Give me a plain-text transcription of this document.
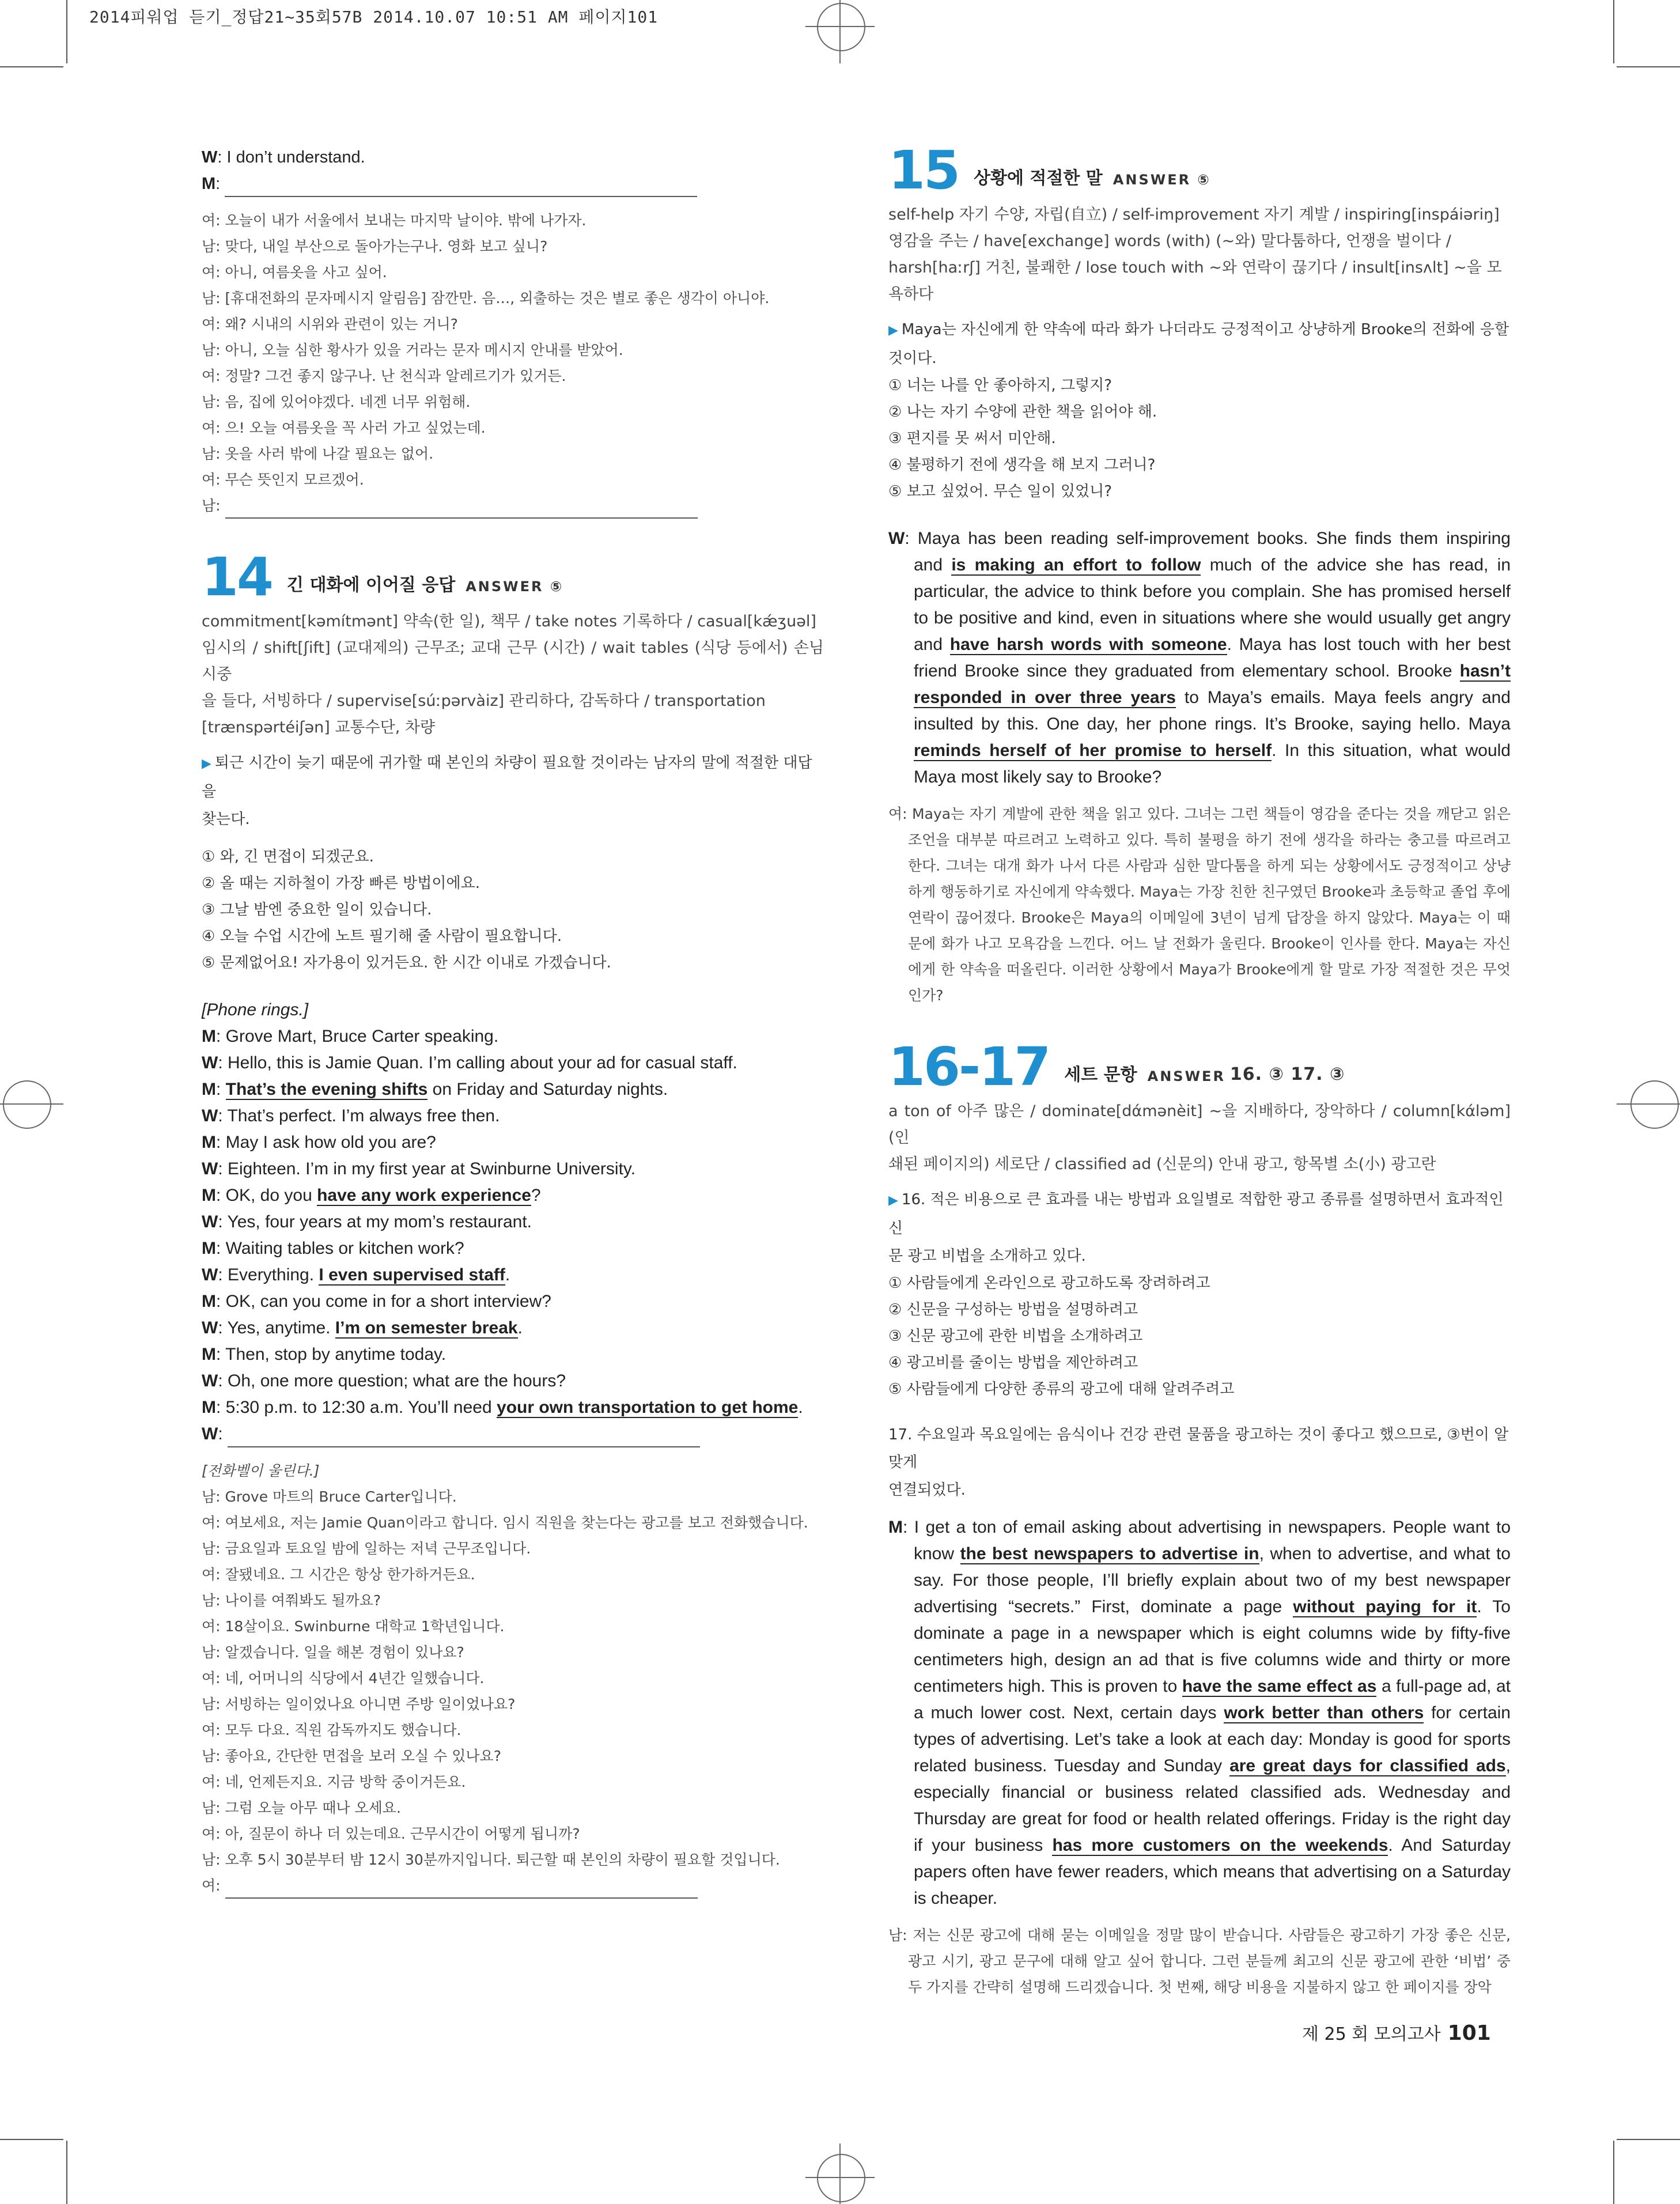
2014피워업 듣기_정답21~35회57B 2014.10.07 10:51 AM 페이지101
W: I don’t understand.
M:
여: 오늘이 내가 서울에서 보내는 마지막 날이야. 밖에 나가자.
남: 맞다, 내일 부산으로 돌아가는구나. 영화 보고 싶니?
여: 아니, 여름옷을 사고 싶어.
남: [휴대전화의 문자메시지 알림음] 잠깐만. 음…, 외출하는 것은 별로 좋은 생각이 아니야.
여: 왜? 시내의 시위와 관련이 있는 거니?
남: 아니, 오늘 심한 황사가 있을 거라는 문자 메시지 안내를 받았어.
여: 정말? 그건 좋지 않구나. 난 천식과 알레르기가 있거든.
남: 음, 집에 있어야겠다. 네겐 너무 위험해.
여: 으! 오늘 여름옷을 꼭 사러 가고 싶었는데.
남: 옷을 사러 밖에 나갈 필요는 없어.
여: 무슨 뜻인지 모르겠어.
남:
14 긴 대화에 이어질 응답 ANSWER ⑤
commitment[kəmítmənt] 약속(한 일), 책무 / take notes 기록하다 / casual[kǽʒuəl]
임시의 / shift[ʃift] (교대제의) 근무조; 교대 근무 (시간) / wait tables (식당 등에서) 손님 시중
을 들다, 서빙하다 / supervise[súːpərvàiz] 관리하다, 감독하다 / transportation
[trӕnspərtéiʃən] 교통수단, 차량
▶ 퇴근 시간이 늦기 때문에 귀가할 때 본인의 차량이 필요할 것이라는 남자의 말에 적절한 대답을
찾는다.
① 와, 긴 면접이 되겠군요.
② 올 때는 지하철이 가장 빠른 방법이에요.
③ 그날 밤엔 중요한 일이 있습니다.
④ 오늘 수업 시간에 노트 필기해 줄 사람이 필요합니다.
⑤ 문제없어요! 자가용이 있거든요. 한 시간 이내로 가겠습니다.
[Phone rings.]
M: Grove Mart, Bruce Carter speaking.
W: Hello, this is Jamie Quan. I’m calling about your ad for casual staff.
M: That’s the evening shifts on Friday and Saturday nights.
W: That’s perfect. I’m always free then.
M: May I ask how old you are?
W: Eighteen. I’m in my first year at Swinburne University.
M: OK, do you have any work experience?
W: Yes, four years at my mom’s restaurant.
M: Waiting tables or kitchen work?
W: Everything. I even supervised staff.
M: OK, can you come in for a short interview?
W: Yes, anytime. I’m on semester break.
M: Then, stop by anytime today.
W: Oh, one more question; what are the hours?
M: 5:30 p.m. to 12:30 a.m. You’ll need your own transportation to get home.
W:
[전화벨이 울린다.]
남: Grove 마트의 Bruce Carter입니다.
여: 여보세요, 저는 Jamie Quan이라고 합니다. 임시 직원을 찾는다는 광고를 보고 전화했습니다.
남: 금요일과 토요일 밤에 일하는 저녁 근무조입니다.
여: 잘됐네요. 그 시간은 항상 한가하거든요.
남: 나이를 여쭤봐도 될까요?
여: 18살이요. Swinburne 대학교 1학년입니다.
남: 알겠습니다. 일을 해본 경험이 있나요?
여: 네, 어머니의 식당에서 4년간 일했습니다.
남: 서빙하는 일이었나요 아니면 주방 일이었나요?
여: 모두 다요. 직원 감독까지도 했습니다.
남: 좋아요, 간단한 면접을 보러 오실 수 있나요?
여: 네, 언제든지요. 지금 방학 중이거든요.
남: 그럼 오늘 아무 때나 오세요.
여: 아, 질문이 하나 더 있는데요. 근무시간이 어떻게 됩니까?
남: 오후 5시 30분부터 밤 12시 30분까지입니다. 퇴근할 때 본인의 차량이 필요할 것입니다.
여:
15 상황에 적절한 말 ANSWER ⑤
self-help 자기 수양, 자립(自立) / self-improvement 자기 계발 / inspiring[inspáiəriŋ]
영감을 주는 / have[exchange] words (with) (~와) 말다툼하다, 언쟁을 벌이다 /
harsh[haːrʃ] 거친, 불쾌한 / lose touch with ~와 연락이 끊기다 / insult[insʌlt] ~을 모
욕하다
▶ Maya는 자신에게 한 약속에 따라 화가 나더라도 긍정적이고 상냥하게 Brooke의 전화에 응할
것이다.
① 너는 나를 안 좋아하지, 그렇지?
② 나는 자기 수양에 관한 책을 읽어야 해.
③ 편지를 못 써서 미안해.
④ 불평하기 전에 생각을 해 보지 그러니?
⑤ 보고 싶었어. 무슨 일이 있었니?
W: Maya has been reading self-improvement books. She finds them inspiring and is making an effort to follow much of the advice she has read, in particular, the advice to think before you complain. She has promised herself to be positive and kind, even in situations where she would usually get angry and have harsh words with someone. Maya has lost touch with her best friend Brooke since they graduated from elementary school. Brooke hasn’t responded in over three years to Maya’s emails. Maya feels angry and insulted by this. One day, her phone rings. It’s Brooke, saying hello. Maya reminds herself of her promise to herself. In this situation, what would Maya most likely say to Brooke?
여: Maya는 자기 계발에 관한 책을 읽고 있다. 그녀는 그런 책들이 영감을 준다는 것을 깨닫고 읽은 조언을 대부분 따르려고 노력하고 있다. 특히 불평을 하기 전에 생각을 하라는 충고를 따르려고 한다. 그녀는 대개 화가 나서 다른 사람과 심한 말다툼을 하게 되는 상황에서도 긍정적이고 상냥하게 행동하기로 자신에게 약속했다. Maya는 가장 친한 친구였던 Brooke과 초등학교 졸업 후에 연락이 끊어졌다. Brooke은 Maya의 이메일에 3년이 넘게 답장을 하지 않았다. Maya는 이 때문에 화가 나고 모욕감을 느낀다. 어느 날 전화가 울린다. Brooke이 인사를 한다. Maya는 자신에게 한 약속을 떠올린다. 이러한 상황에서 Maya가 Brooke에게 할 말로 가장 적절한 것은 무엇인가?
16-17 세트 문항 ANSWER 16. ③ 17. ③
a ton of 아주 많은 / dominate[dάmənèit] ~을 지배하다, 장악하다 / column[kάləm] (인
쇄된 페이지의) 세로단 / classified ad (신문의) 안내 광고, 항목별 소(小) 광고란
▶ 16. 적은 비용으로 큰 효과를 내는 방법과 요일별로 적합한 광고 종류를 설명하면서 효과적인 신
문 광고 비법을 소개하고 있다.
① 사람들에게 온라인으로 광고하도록 장려하려고
② 신문을 구성하는 방법을 설명하려고
③ 신문 광고에 관한 비법을 소개하려고
④ 광고비를 줄이는 방법을 제안하려고
⑤ 사람들에게 다양한 종류의 광고에 대해 알려주려고
17. 수요일과 목요일에는 음식이나 건강 관련 물품을 광고하는 것이 좋다고 했으므로, ③번이 알맞게
연결되었다.
M: I get a ton of email asking about advertising in newspapers. People want to know the best newspapers to advertise in, when to advertise, and what to say. For those people, I’ll briefly explain about two of my best newspaper advertising “secrets.” First, dominate a page without paying for it. To dominate a page in a newspaper which is eight columns wide by fifty-five centimeters high, design an ad that is five columns wide and thirty or more centimeters high. This is proven to have the same effect as a full-page ad, at a much lower cost. Next, certain days work better than others for certain types of advertising. Let’s take a look at each day: Monday is good for sports related business. Tuesday and Sunday are great days for classified ads, especially financial or business related classified ads. Wednesday and Thursday are great for food or health related offerings. Friday is the right day if your business has more customers on the weekends. And Saturday papers often have fewer readers, which means that advertising on a Saturday is cheaper.
남: 저는 신문 광고에 대해 묻는 이메일을 정말 많이 받습니다. 사람들은 광고하기 가장 좋은 신문, 광고 시기, 광고 문구에 대해 알고 싶어 합니다. 그런 분들께 최고의 신문 광고에 관한 ‘비법’ 중 두 가지를 간략히 설명해 드리겠습니다. 첫 번째, 해당 비용을 지불하지 않고 한 페이지를 장악
제 25 회 모의고사 101
